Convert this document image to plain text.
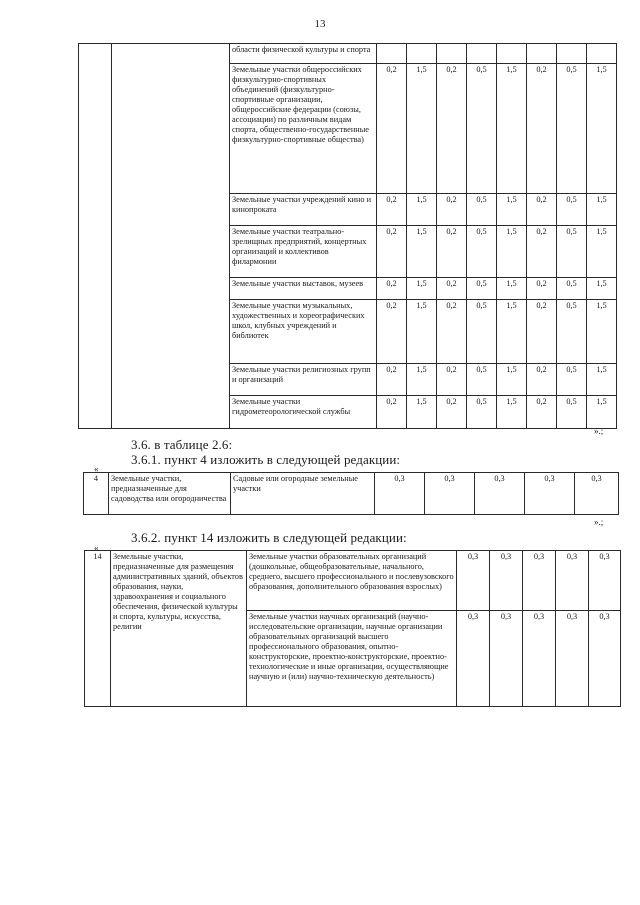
13
		области физической культуры и спорта								
		Земельные участки общероссийских физкультурно-спортивных объединений (физкультурно-спортивные организации, общероссийские федерации (союзы, ассоциации) по различным видам спорта, общественно-государственные физкультурно-спортивные общества)	0,2	1,5	0,2	0,5	1,5	0,2	0,5	1,5
		Земельные участки учреждений кино и кинопроката	0,2	1,5	0,2	0,5	1,5	0,2	0,5	1,5
		Земельные участки театрально-зрелищных предприятий, концертных организаций и коллективов филармонии	0,2	1,5	0,2	0,5	1,5	0,2	0,5	1,5
		Земельные участки выставок, музеев	0,2	1,5	0,2	0,5	1,5	0,2	0,5	1,5
		Земельные участки музыкальных, художественных и хореографических школ, клубных учреждений и библиотек	0,2	1,5	0,2	0,5	1,5	0,2	0,5	1,5
		Земельные участки религиозных групп и организаций	0,2	1,5	0,2	0,5	1,5	0,2	0,5	1,5
		Земельные участки гидрометеорологической службы	0,2	1,5	0,2	0,5	1,5	0,2	0,5	1,5
».;
3.6. в таблице 2.6:
3.6.1. пункт 4 изложить в следующей редакции:
«
4	Земельные участки, предназначенные для садоводства или огородничества	Садовые или огородные земельные участки	0,3	0,3	0,3	0,3	0,3
».;
3.6.2. пункт 14 изложить в следующей редакции:
«
14	Земельные участки, предназначенные для размещения административных зданий, объектов образования, науки, здравоохранения и социального обеспечения, физической культуры и спорта, культуры, искусства, религии	Земельные участки образовательных организаций (дошкольные, общеобразовательные, начального, среднего, высшего профессионального и послевузовского образования, дополнительного образования взрослых)	0,3	0,3	0,3	0,3	0,3
		Земельные участки научных организаций (научно-исследовательские организации, научные организации образовательных организаций высшего профессионального образования, опытно-конструкторские, проектно-конструкторские, проектно-технологические и иные организации, осуществляющие научную и (или) научно-техническую деятельность)	0,3	0,3	0,3	0,3	0,3
